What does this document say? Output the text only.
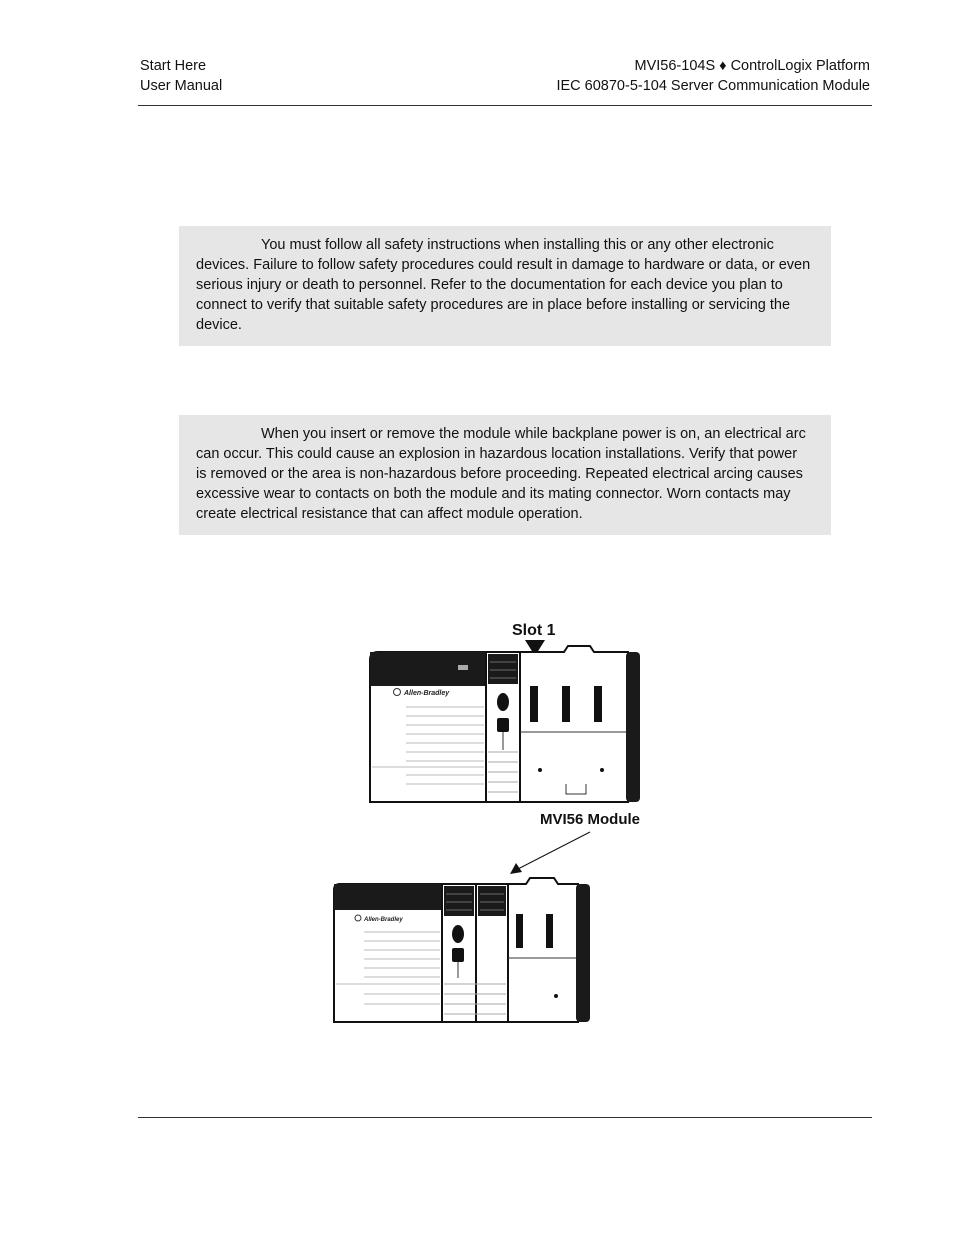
Start Here
User Manual
MVI56-104S ♦ ControlLogix Platform
IEC 60870-5-104 Server Communication Module

You must follow all safety instructions when installing this or any other electronic devices. Failure to follow safety procedures could result in damage to hardware or data, or even serious injury or death to personnel. Refer to the documentation for each device you plan to connect to verify that suitable safety procedures are in place before installing or servicing the device.

When you insert or remove the module while backplane power is on, an electrical arc can occur. This could cause an explosion in hazardous location installations. Verify that power is removed or the area is non-hazardous before proceeding. Repeated electrical arcing causes excessive wear to contacts on both the module and its mating connector. Worn contacts may create electrical resistance that can affect module operation.

Slot 1
Allen-Bradley
MVI56 Module
Allen-Bradley
